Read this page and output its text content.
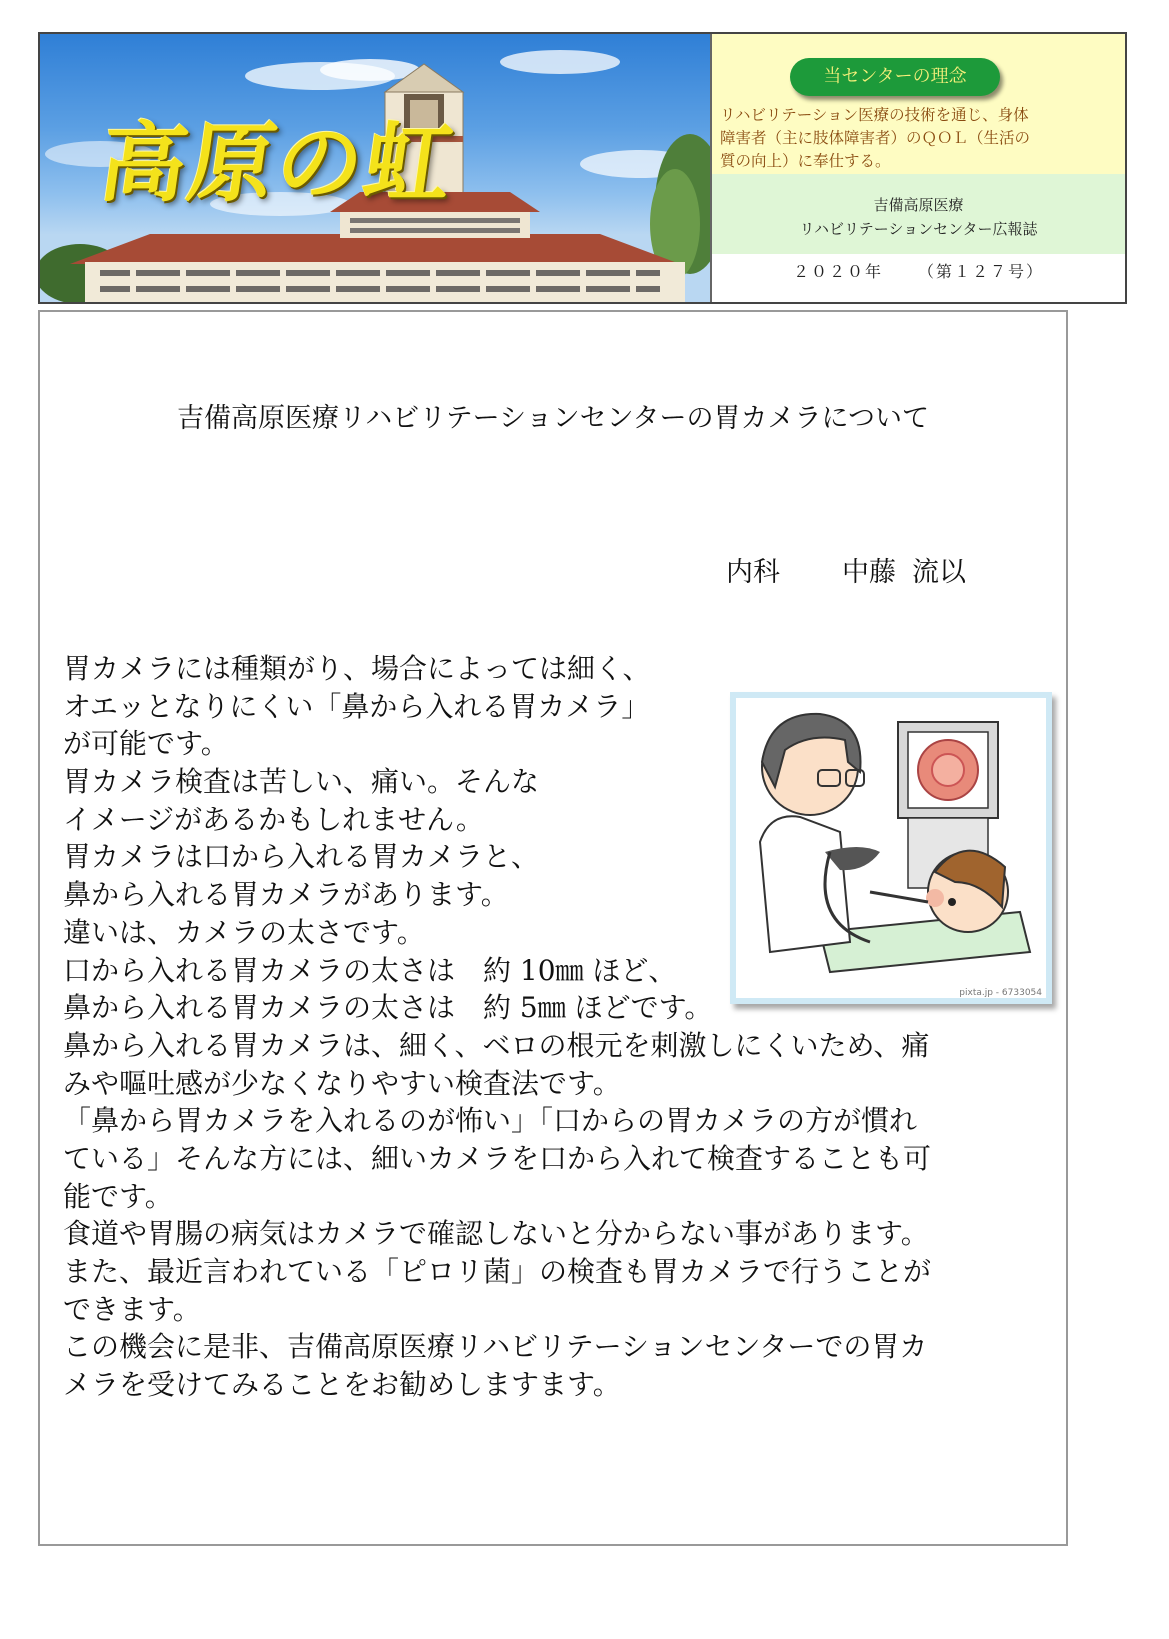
高原の虹
当センターの理念
リハビリテーション医療の技術を通じ、身体
障害者（主に肢体障害者）のＱＯＬ（生活の
質の向上）に奉仕する。
吉備高原医療
リハビリテーションセンター広報誌
２０２０年 （第１２７号）
吉備高原医療リハビリテーションセンターの胃カメラについて
内科 中藤 流以
pixta.jp - 6733054
胃カメラには種類がり、場合によっては細く、
オエッとなりにくい「鼻から入れる胃カメラ」
が可能です。
胃カメラ検査は苦しい、痛い。そんな
イメージがあるかもしれません。
胃カメラは口から入れる胃カメラと、
鼻から入れる胃カメラがあります。
違いは、カメラの太さです。
口から入れる胃カメラの太さは　約 10㎜ ほど、
鼻から入れる胃カメラの太さは　約 5㎜ ほどです。
鼻から入れる胃カメラは、細く、ベロの根元を刺激しにくいため、痛
みや嘔吐感が少なくなりやすい検査法です。
「鼻から胃カメラを入れるのが怖い」「口からの胃カメラの方が慣れ
ている」そんな方には、細いカメラを口から入れて検査することも可
能です。
食道や胃腸の病気はカメラで確認しないと分からない事があります。
また、最近言われている「ピロリ菌」の検査も胃カメラで行うことが
できます。
この機会に是非、吉備高原医療リハビリテーションセンターでの胃カ
メラを受けてみることをお勧めしますます。
